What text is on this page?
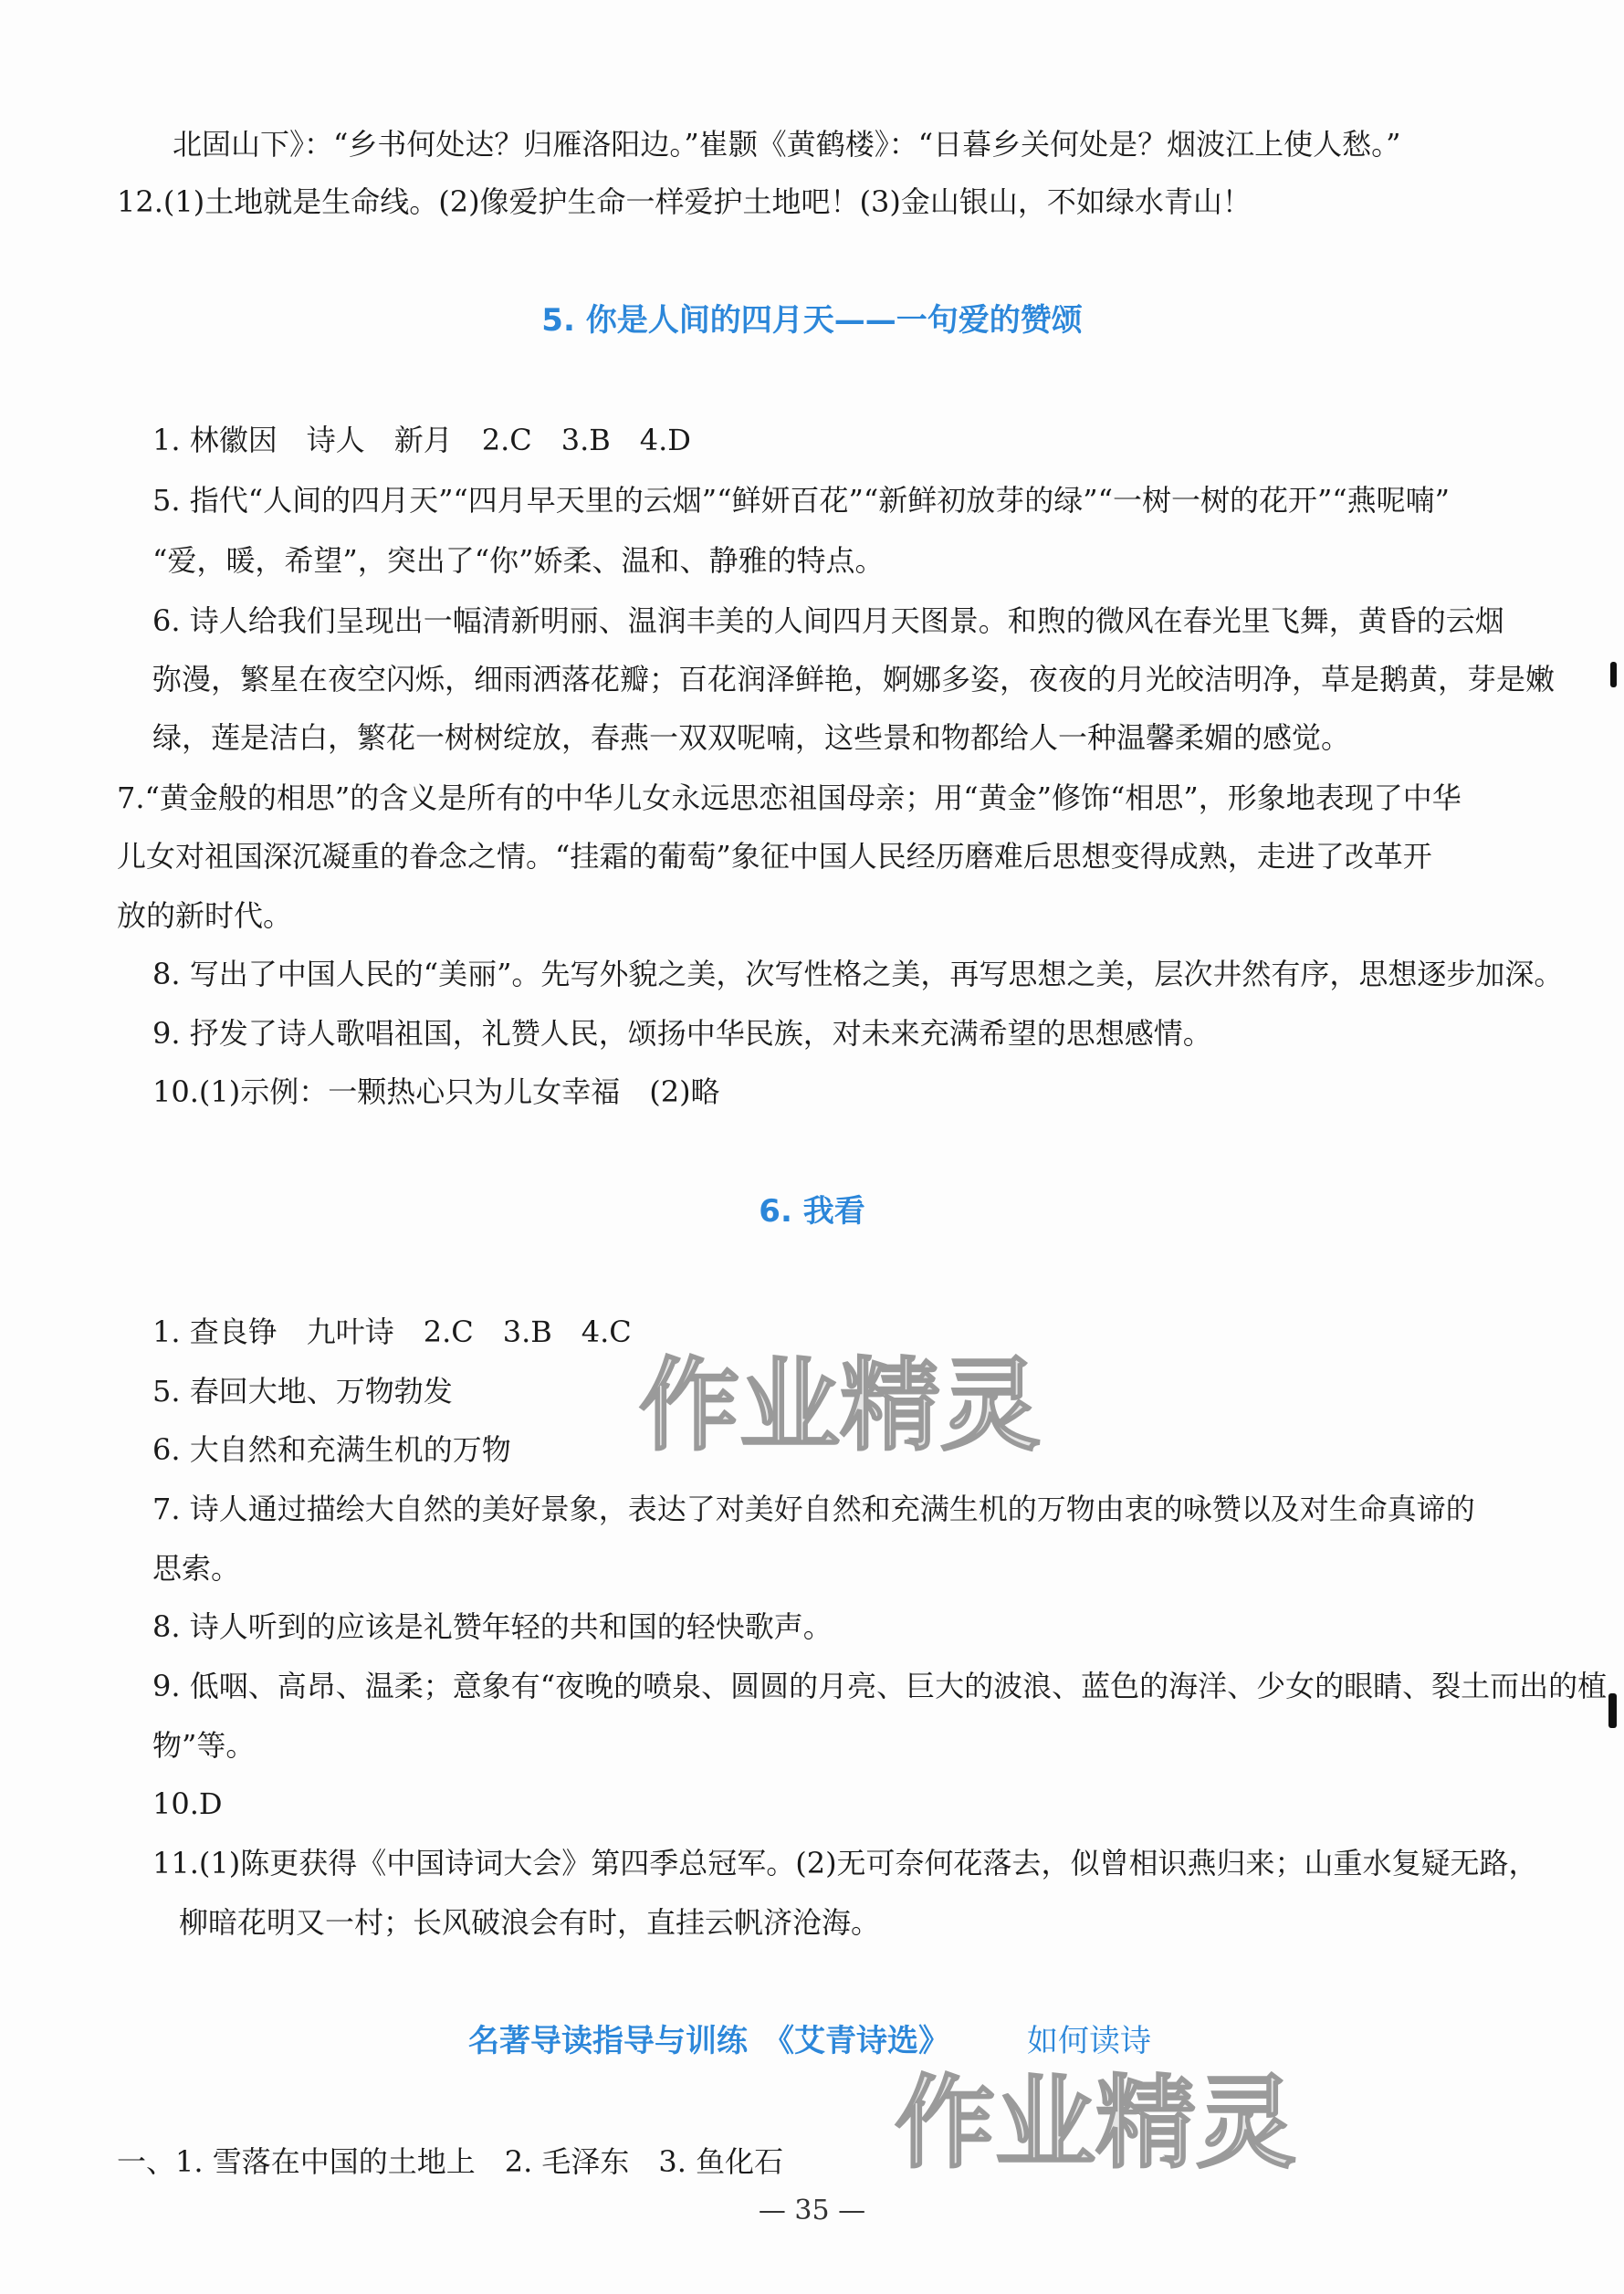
北固山下》：“乡书何处达？归雁洛阳边。”崔颢《黄鹤楼》：“日暮乡关何处是？烟波江上使人愁。”
12.(1)土地就是生命线。(2)像爱护生命一样爱护土地吧！(3)金山银山，不如绿水青山！
5. 你是人间的四月天——一句爱的赞颂
1. 林徽因　诗人　新月　2.C　3.B　4.D
5. 指代“人间的四月天”“四月早天里的云烟”“鲜妍百花”“新鲜初放芽的绿”“一树一树的花开”“燕呢喃”
“爱，暖，希望”，突出了“你”娇柔、温和、静雅的特点。
6. 诗人给我们呈现出一幅清新明丽、温润丰美的人间四月天图景。和煦的微风在春光里飞舞，黄昏的云烟
弥漫，繁星在夜空闪烁，细雨洒落花瓣；百花润泽鲜艳，婀娜多姿，夜夜的月光皎洁明净，草是鹅黄，芽是嫩
绿，莲是洁白，繁花一树树绽放，春燕一双双呢喃，这些景和物都给人一种温馨柔媚的感觉。
7.“黄金般的相思”的含义是所有的中华儿女永远思恋祖国母亲；用“黄金”修饰“相思”，形象地表现了中华
儿女对祖国深沉凝重的眷念之情。“挂霜的葡萄”象征中国人民经历磨难后思想变得成熟，走进了改革开
放的新时代。
8. 写出了中国人民的“美丽”。先写外貌之美，次写性格之美，再写思想之美，层次井然有序，思想逐步加深。
9. 抒发了诗人歌唱祖国，礼赞人民，颂扬中华民族，对未来充满希望的思想感情。
10.(1)示例：一颗热心只为儿女幸福　(2)略
6. 我看
1. 查良铮　九叶诗　2.C　3.B　4.C
5. 春回大地、万物勃发
6. 大自然和充满生机的万物
7. 诗人通过描绘大自然的美好景象，表达了对美好自然和充满生机的万物由衷的咏赞以及对生命真谛的
思索。
8. 诗人听到的应该是礼赞年轻的共和国的轻快歌声。
9. 低咽、高昂、温柔；意象有“夜晚的喷泉、圆圆的月亮、巨大的波浪、蓝色的海洋、少女的眼睛、裂土而出的植
物”等。
10.D
11.(1)陈更获得《中国诗词大会》第四季总冠军。(2)无可奈何花落去，似曾相识燕归来；山重水复疑无路，
柳暗花明又一村；长风破浪会有时，直挂云帆济沧海。
名著导读指导与训练　《艾青诗选》	如何读诗
一、1. 雪落在中国的土地上　2. 毛泽东　3. 鱼化石
作业精灵
作业精灵
— 35 —
